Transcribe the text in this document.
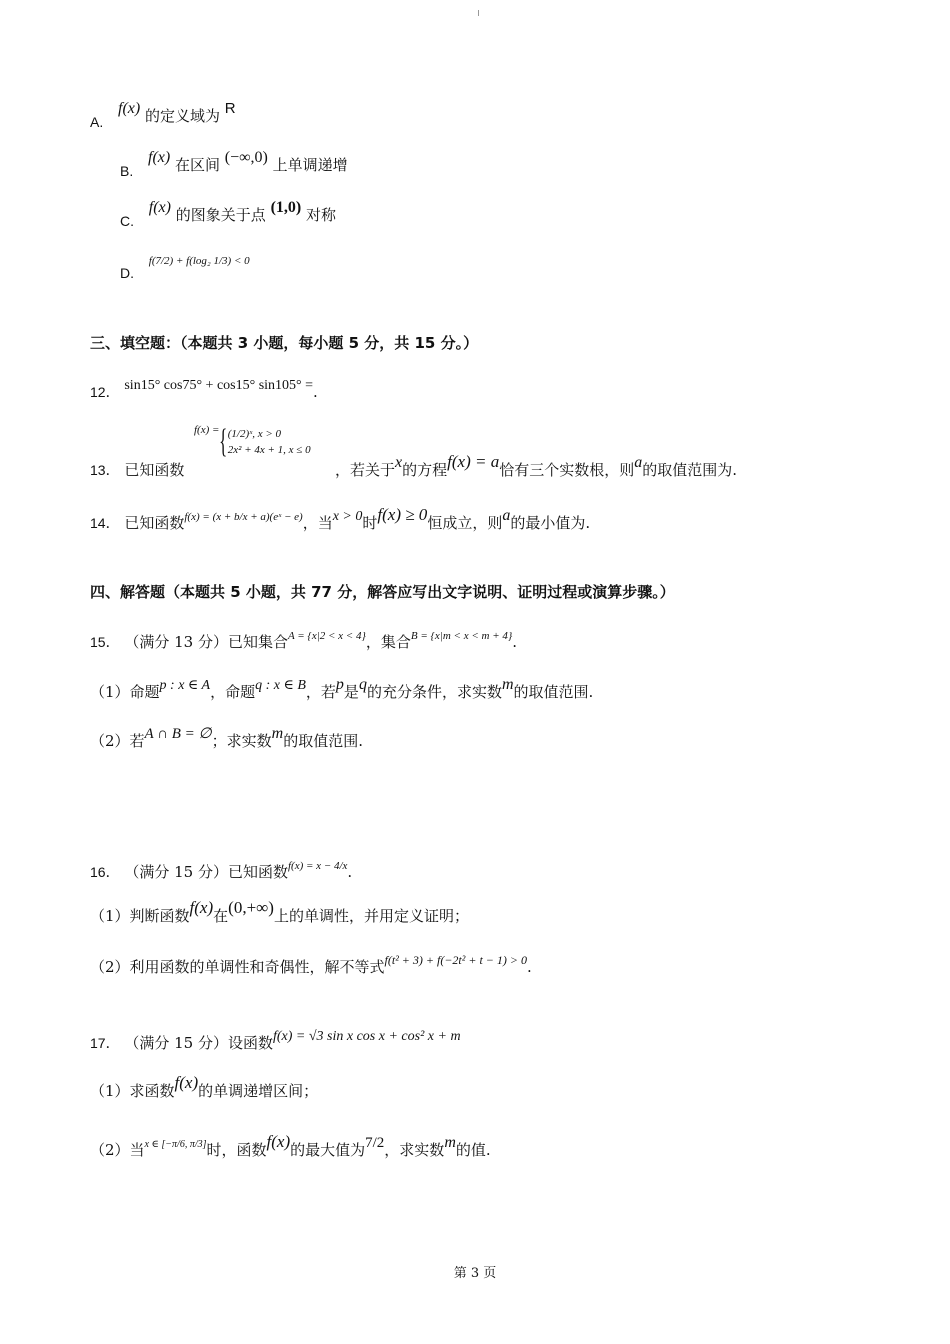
A. f(x) 的定义域为 R
B. f(x) 在区间 (−∞,0) 上单调递增
C. f(x) 的图象关于点 (1,0) 对称
D. $^{f(7/2) + f(log_2 1/3) < 0}$
三、填空题：（本题共 3 小题，每小题 5 分，共 15 分。）
12． sin15° cos75° + cos15° sin105° =.
13． 已知函数
f(x) ={ (1/2)ˣ, x > 0
2x² + 4x + 1, x ≤ 0
，若关于x的方程f(x) = a恰有三个实数根，则a的取值范围为.
14． 已知函数$^{f(x) = (x + b/x + a)(eˣ - e)}$，当x > 0时f(x) ≥ 0恒成立，则a的最小值为.
四、解答题（本题共 5 小题，共 77 分，解答应写出文字说明、证明过程或演算步骤。）
15． （满分 13 分）已知集合$^{A = \{x|2 < x < 4\}}$，集合$^{B = \{x|m < x < m + 4\}}$.
（1）命题p : x ∈ A，命题q : x ∈ B，若p是q的充分条件，求实数m的取值范围.
（2）若A ∩ B = ∅；求实数m的取值范围.
16． （满分 15 分）已知函数$^{f(x) = x - 4/x}$.
（1）判断函数f(x)在(0,+∞)上的单调性，并用定义证明；
（2）利用函数的单调性和奇偶性，解不等式$^{f(t^2 + 3) + f(-2t^2 + t - 1) > 0}$.
17． （满分 15 分）设函数f(x) = √3 sin x cos x + cos² x + m
（1）求函数f(x)的单调递增区间；
（2）当$^{x \in [-\pi/6, \pi/3]}$时，函数f(x)的最大值为7/2，求实数m的值.
第 3 页
